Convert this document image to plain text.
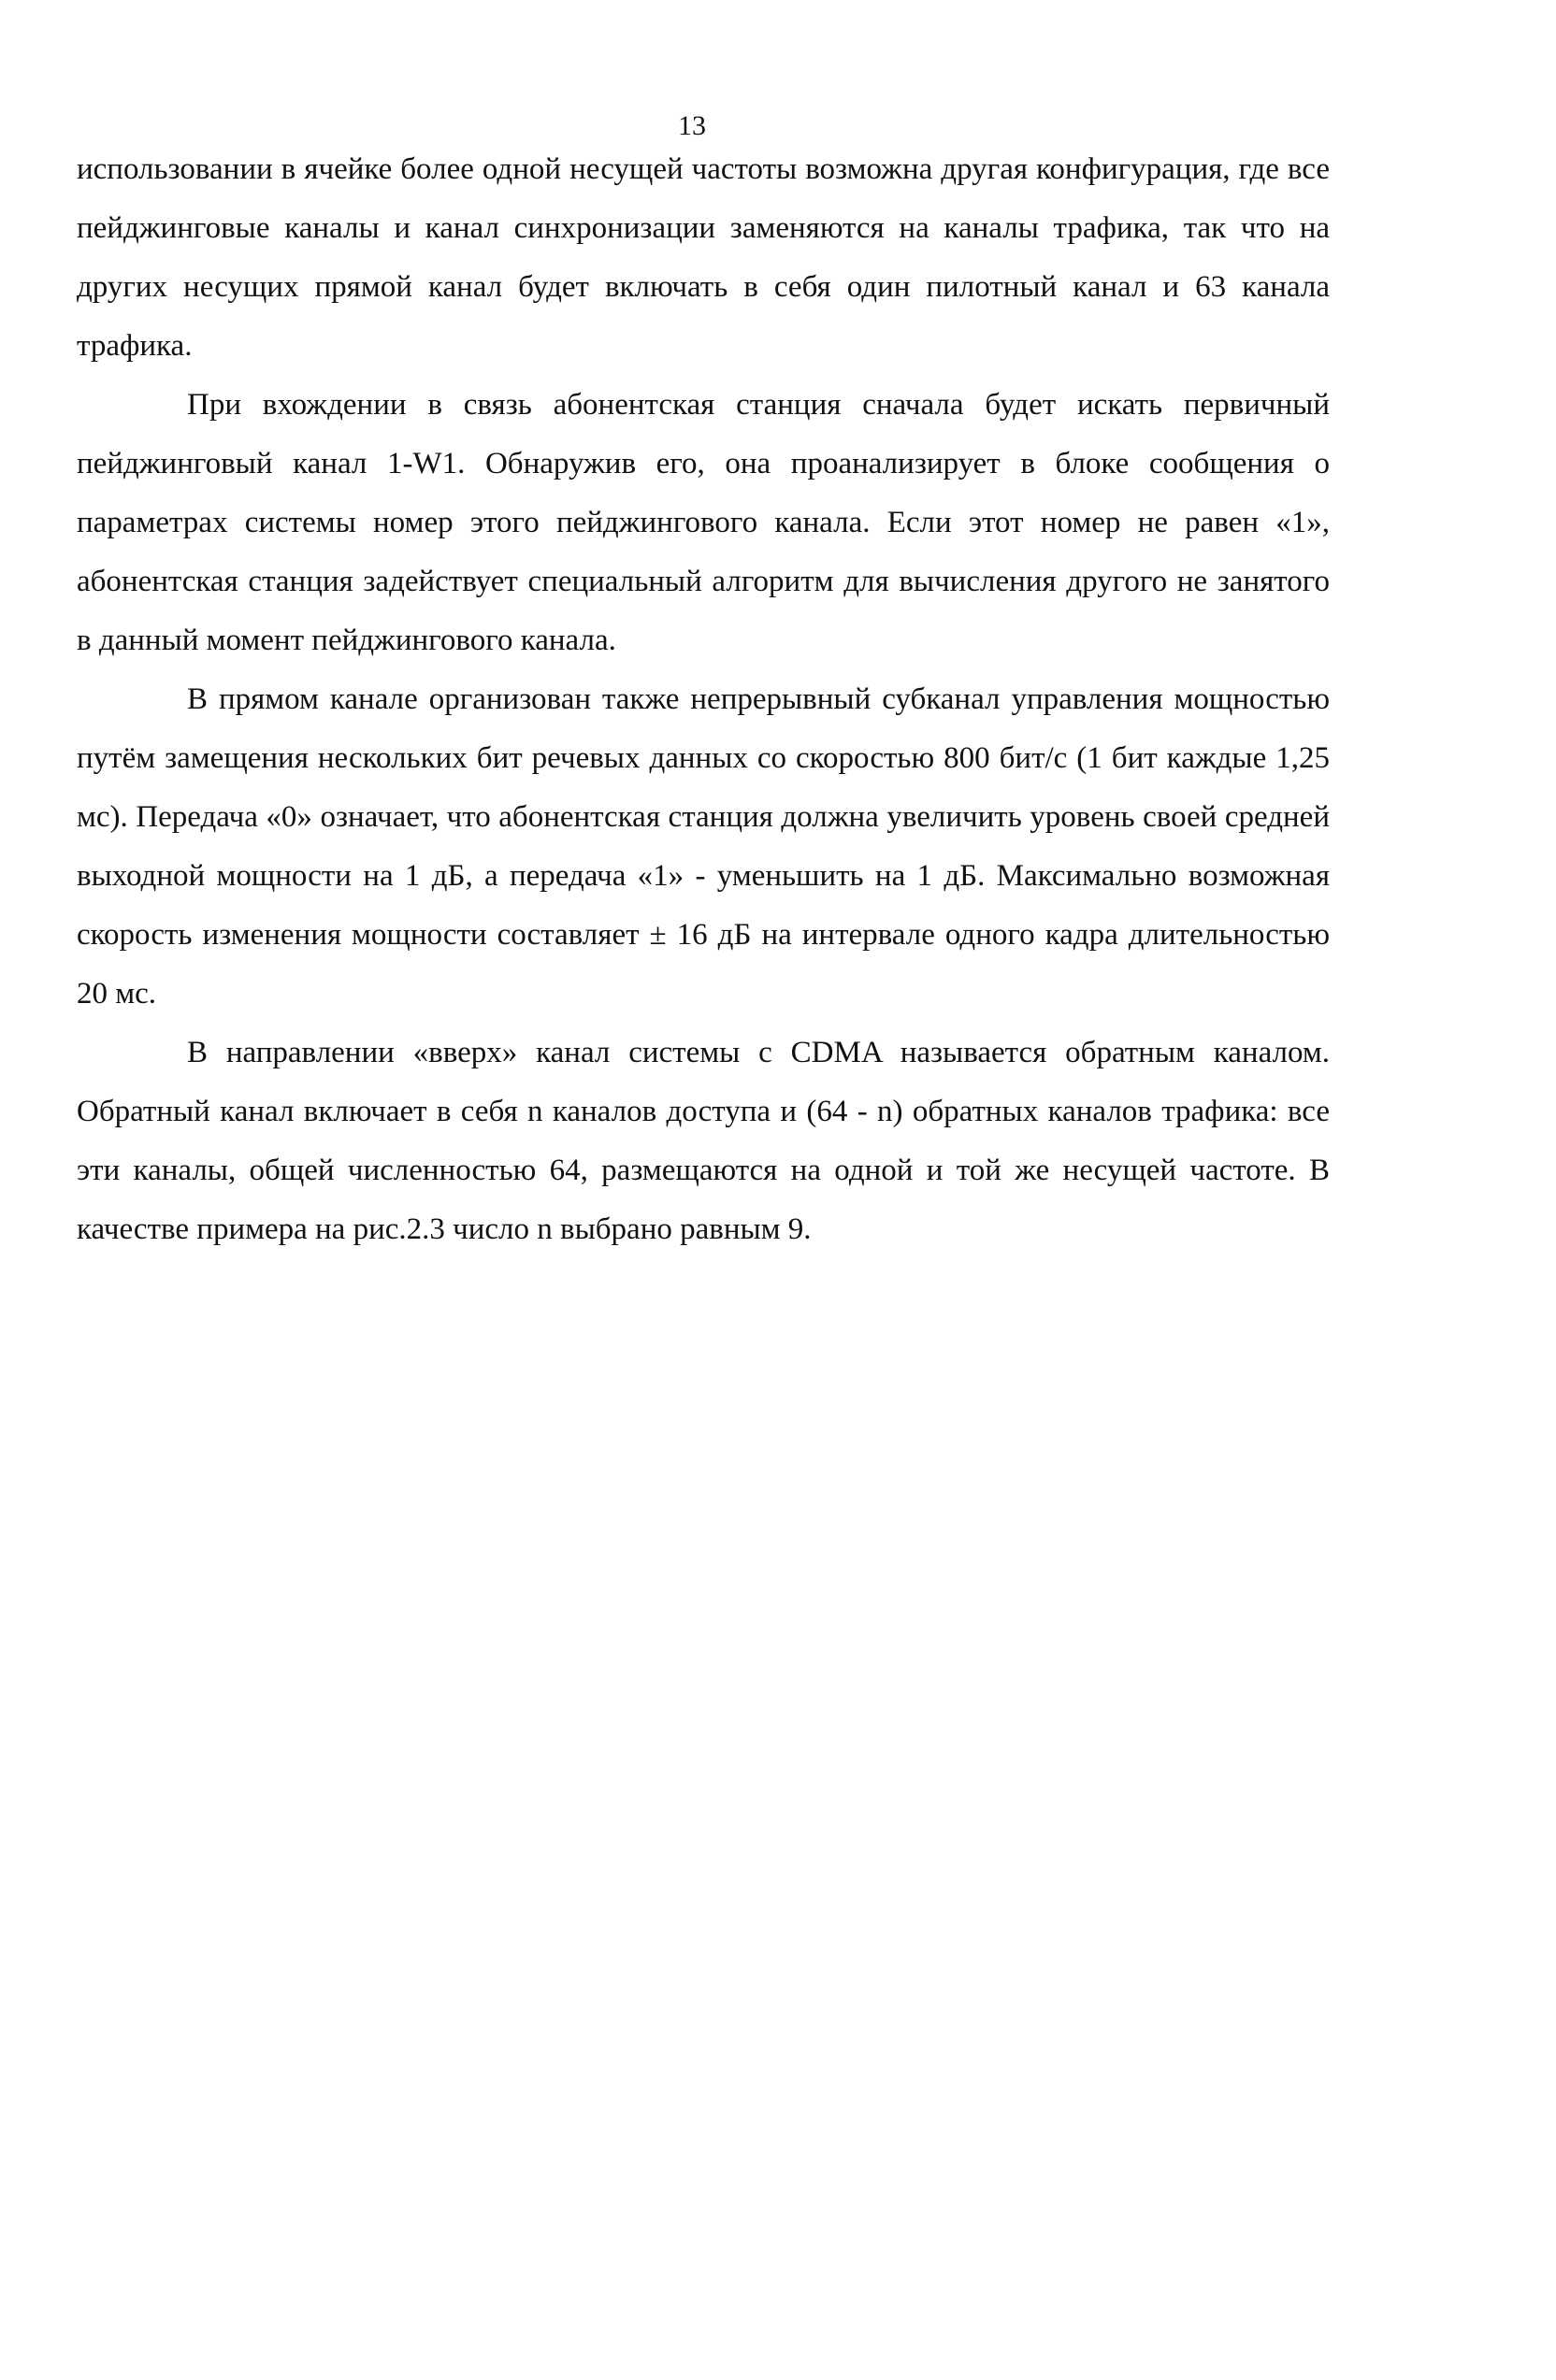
13

использовании в ячейке более одной несущей частоты возможна другая конфигурация, где все пейджинговые каналы и канал синхронизации заменяются на каналы трафика, так что на других несущих прямой канал будет включать в себя один пилотный канал и 63 канала трафика.

При вхождении в связь абонентская станция сначала будет искать первичный пейджинговый канал 1-W1. Обнаружив его, она проанализирует в блоке сообщения о параметрах системы номер этого пейджингового канала. Если этот номер не равен «1», абонентская станция задействует специальный алгоритм для вычисления другого не занятого в данный момент пейджингового канала.

В прямом канале организован также непрерывный субканал управления мощностью путём замещения нескольких бит речевых данных со скоростью 800 бит/с (1 бит каждые 1,25 мс). Передача «0» означает, что абонентская станция должна увеличить уровень своей средней выходной мощности на 1 дБ, а передача «1» - уменьшить на 1 дБ. Максимально возможная скорость изменения мощности составляет ± 16 дБ на интервале одного кадра длительностью 20 мс.

В направлении «вверх» канал системы с CDMA называется обратным каналом. Обратный канал включает в себя n каналов доступа и (64 - n) обратных каналов трафика: все эти каналы, общей численностью 64, размещаются на одной и той же несущей частоте. В качестве примера на рис.2.3 число n выбрано равным 9.
